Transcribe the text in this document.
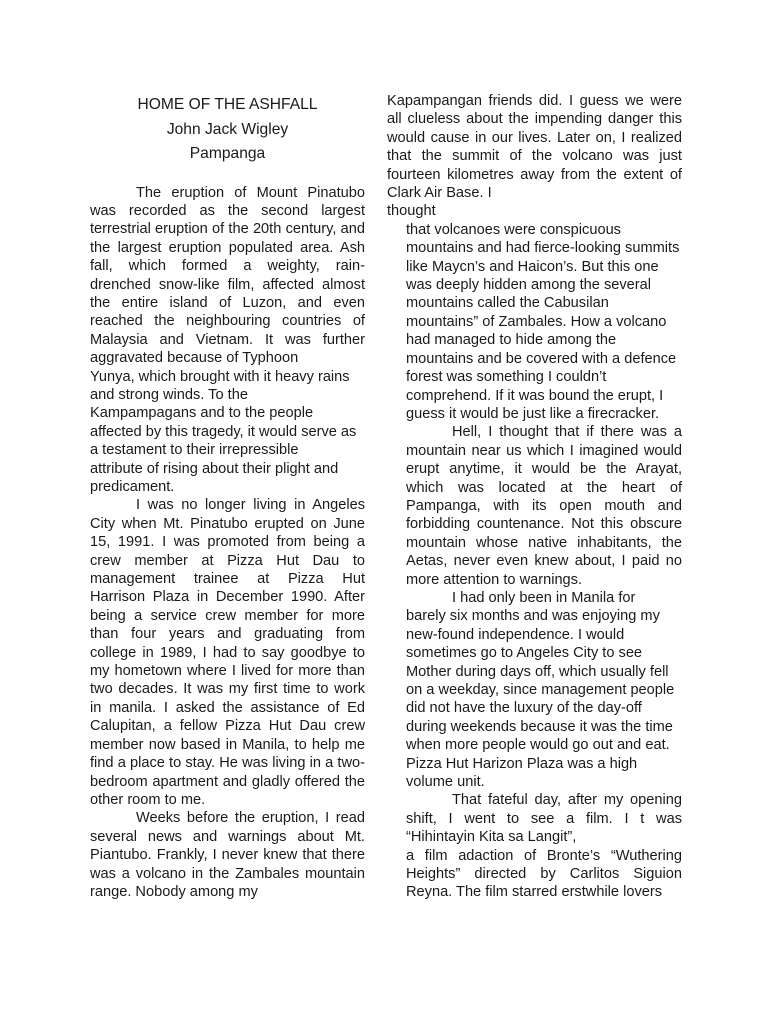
HOME OF THE ASHFALL

John Jack Wigley

Pampanga

The eruption of Mount Pinatubo was recorded as the second largest terrestrial eruption of the 20th century, and the largest eruption populated area. Ash fall, which formed a weighty, rain-drenched snow-like film, affected almost the entire island of Luzon, and even reached the neighbouring countries of Malaysia and Vietnam. It was further aggravated because of Typhoon

Yunya, which brought with it heavy rains and strong winds. To the

Kampampagans and to the people affected by this tragedy, it would serve as a testament to their irrepressible

attribute of rising about their plight and predicament.

I was no longer living in Angeles City when Mt. Pinatubo erupted on June 15, 1991. I was promoted from being a crew member at Pizza Hut Dau to management trainee at Pizza Hut Harrison Plaza in December 1990. After being a service crew member for more than four years and graduating from college in 1989, I had to say goodbye to my hometown where I lived for more than two decades. It was my first time to work in manila. I asked the assistance of Ed Calupitan, a fellow Pizza Hut Dau crew member now based in Manila, to help me find a place to stay. He was living in a two-bedroom apartment and gladly offered the other room to me.

Weeks before the eruption, I read several news and warnings about Mt. Piantubo. Frankly, I never knew that there was a volcano in the Zambales mountain range. Nobody among my

Kapampangan friends did. I guess we were all clueless about the impending danger this would cause in our lives. Later on, I realized that the summit of the volcano was just fourteen kilometres away from the extent of Clark Air Base. I

thought

that volcanoes were conspicuous

mountains and had fierce-looking summits like Maycn’s and Haicon’s. But this one was deeply hidden among the several mountains called the Cabusilan mountains” of Zambales. How a volcano had managed to hide among the mountains and be covered with a defence forest was something I couldn’t comprehend. If it was bound the erupt, I guess it would be just like a firecracker.

Hell, I thought that if there was a mountain near us which I imagined would erupt anytime, it would be the Arayat, which was located at the heart of Pampanga, with its open mouth and forbidding countenance. Not this obscure mountain whose native inhabitants, the Aetas, never even knew about, I paid no more attention to warnings.

I had only been in Manila for

barely six months and was enjoying my new-found independence. I would sometimes go to Angeles City to see Mother during days off, which usually fell on a weekday, since management people did not have the luxury of the day-off during weekends because it was the time when more people would go out and eat. Pizza Hut Harizon Plaza was a high volume unit.

That fateful day, after my opening shift, I went to see a film. I t was “Hihintayin Kita sa Langit”,

a film adaction of Bronte’s “Wuthering Heights” directed by Carlitos Siguion Reyna. The film starred erstwhile lovers
